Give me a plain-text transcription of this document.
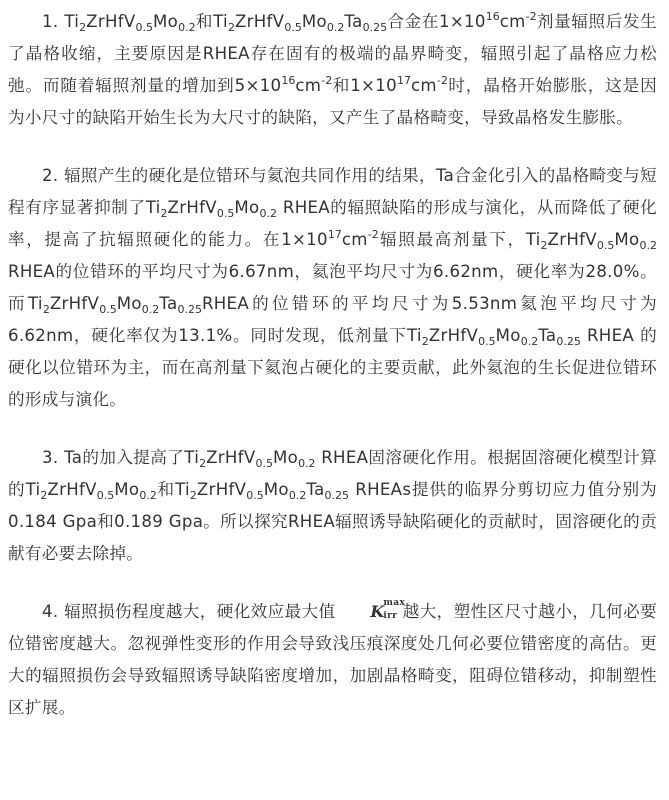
1. $Ti_2ZrHfV_{0.5}Mo_{0.2}$和$Ti_2ZrHfV_{0.5}Mo_{0.2}Ta_{0.25}$合金在$1\times 10^{16}cm^{-2}$剂量辐照后发生了晶格收缩，主要原因是RHEA存在固有的极端的晶界畸变，辐照引起了晶格应力松弛。而随着辐照剂量的增加到$5\times 10^{16}cm^{-2}$和$1\times 10^{17}cm^{-2}$时，晶格开始膨胀，这是因为小尺寸的缺陷开始生长为大尺寸的缺陷，又产生了晶格畸变，导致晶格发生膨胀。

2. 辐照产生的硬化是位错环与氦泡共同作用的结果，Ta合金化引入的晶格畸变与短程有序显著抑制了$Ti_2ZrHfV_{0.5}Mo_{0.2}$ RHEA的辐照缺陷的形成与演化，从而降低了硬化率，提高了抗辐照硬化的能力。在$1\times 10^{17}cm^{-2}$辐照最高剂量下，$Ti_2ZrHfV_{0.5}Mo_{0.2}$ RHEA的位错环的平均尺寸为6.67nm，氦泡平均尺寸为6.62nm，硬化率为28.0%。而$Ti_2ZrHfV_{0.5}Mo_{0.2}Ta_{0.25}RHEA$的位错环的平均尺寸为5.53nm氦泡平均尺寸为6.62nm，硬化率仅为13.1%。同时发现，低剂量下$Ti_2ZrHfV_{0.5}Mo_{0.2}Ta_{0.25}$ RHEA 的硬化以位错环为主，而在高剂量下氦泡占硬化的主要贡献，此外氦泡的生长促进位错环的形成与演化。

3. Ta的加入提高了$Ti_2ZrHfV_{0.5}Mo_{0.2}$ RHEA固溶硬化作用。根据固溶硬化模型计算的$Ti_2ZrHfV_{0.5}Mo_{0.2}$和$Ti_2ZrHfV_{0.5}Mo_{0.2}Ta_{0.25}$ RHEAs提供的临界分剪切应力值分别为0.184 Gpa和0.189 Gpa。所以探究RHEA辐照诱导缺陷硬化的贡献时，固溶硬化的贡献有必要去除掉。

4. 辐照损伤程度越大，硬化效应最大值 K
max
irr 越大，塑性区尺寸越小，几何必要位错密度越大。忽视弹性变形的作用会导致浅压痕深度处几何必要位错密度的高估。更大的辐照损伤会导致辐照诱导缺陷密度增加，加剧晶格畸变，阻碍位错移动，抑制塑性区扩展。
